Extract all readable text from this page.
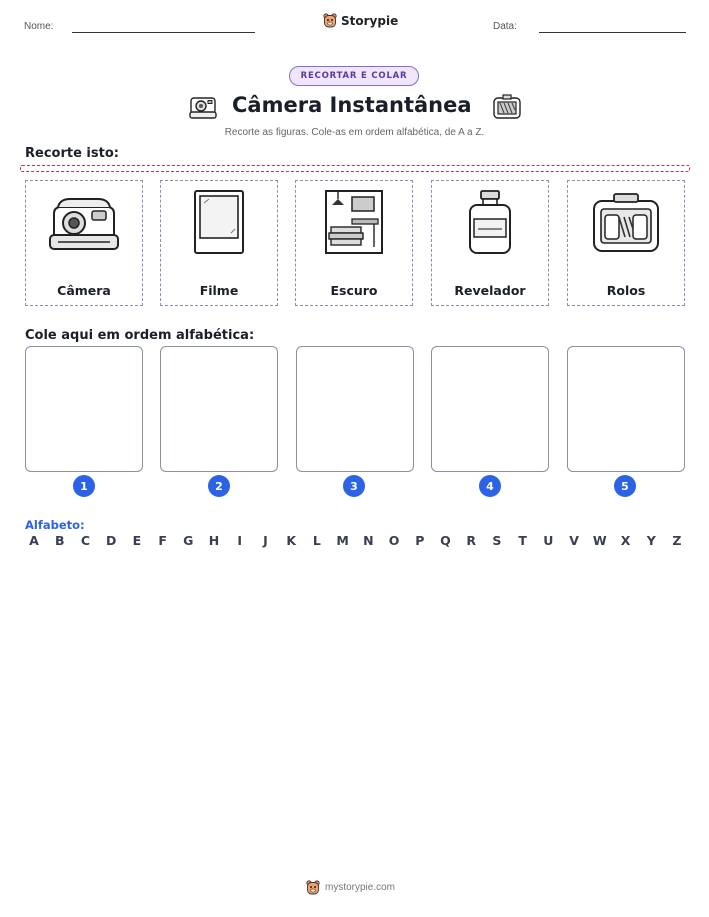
Nome:	Storypie	Data:
RECORTAR E COLAR
Câmera Instantânea
Recorte as figuras. Cole-as em ordem alfabética, de A a Z.
Recorte isto:
Câmera	Filme	Escuro	Revelador	Rolos
Cole aqui em ordem alfabética:
1	2	3	4	5
Alfabeto:
A	B	C	D	E	F	G	H	I	J	K	L	M	N	O	P	Q	R	S	T	U	V	W	X	Y	Z
mystorypie.com
